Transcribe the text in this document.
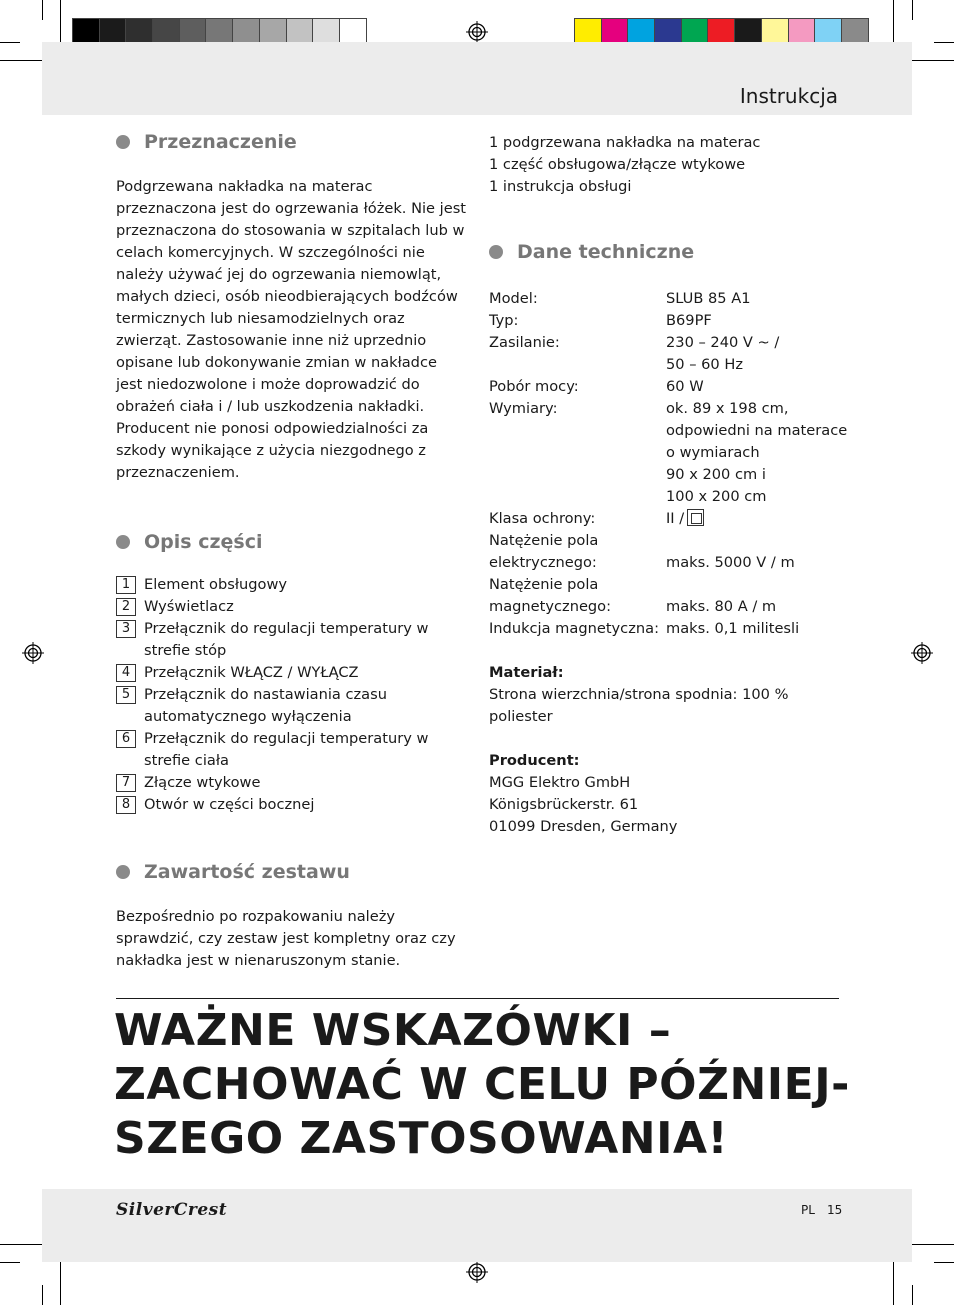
Instrukcja
Przeznaczenie

Podgrzewana nakładka na materac przeznaczona jest do ogrzewania łóżek. Nie jest przeznaczona do stosowania w szpitalach lub w celach komercyjnych. W szczególności nie należy używać jej do ogrzewania niemowląt, małych dzieci, osób nieodbierających bodźców termicznych lub niesamodzielnych oraz zwierząt. Zastosowanie inne niż uprzednio opisane lub dokonywanie zmian w nakładce jest niedozwolone i może doprowadzić do obrażeń ciała i / lub uszkodzenia nakładki. Producent nie ponosi odpowiedzialności za szkody wynikające z użycia niezgodnego z przeznaczeniem.

Opis części
1 Element obsługowy
2 Wyświetlacz
3 Przełącznik do regulacji temperatury w strefie stóp
4 Przełącznik WŁĄCZ / WYŁĄCZ
5 Przełącznik do nastawiania czasu automatycznego wyłączenia
6 Przełącznik do regulacji temperatury w strefie ciała
7 Złącze wtykowe
8 Otwór w części bocznej
Zawartość zestawu

Bezpośrednio po rozpakowaniu należy sprawdzić, czy zestaw jest kompletny oraz czy nakładka jest w nienaruszonym stanie.

1 podgrzewana nakładka na materac
1 część obsługowa/złącze wtykowe
1 instrukcja obsługi
Dane techniczne
Model:	SLUB 85 A1
Typ:	B69PF
Zasilanie:	230 – 240 V ~ /
50 – 60 Hz
Pobór mocy:	60 W
Wymiary:	ok. 89 x 198 cm,
odpowiedni na materace
o wymiarach
90 x 200 cm i
100 x 200 cm
Klasa ochrony:	II /
Natężenie pola
elektrycznego:	maks. 5000 V / m
Natężenie pola
magnetycznego:	maks. 80 A / m
Indukcja magnetyczna: maks. 0,1 militesli
Materiał:
Strona wierzchnia/strona spodnia: 100 % poliester
Producent:
MGG Elektro GmbH
Königsbrückerstr. 61
01099 Dresden, Germany
WAŻNE WSKAZÓWKI –
ZACHOWAĆ W CELU PÓŹNIEJ-
SZEGO ZASTOSOWANIA!
SilverCrest	PL 15
